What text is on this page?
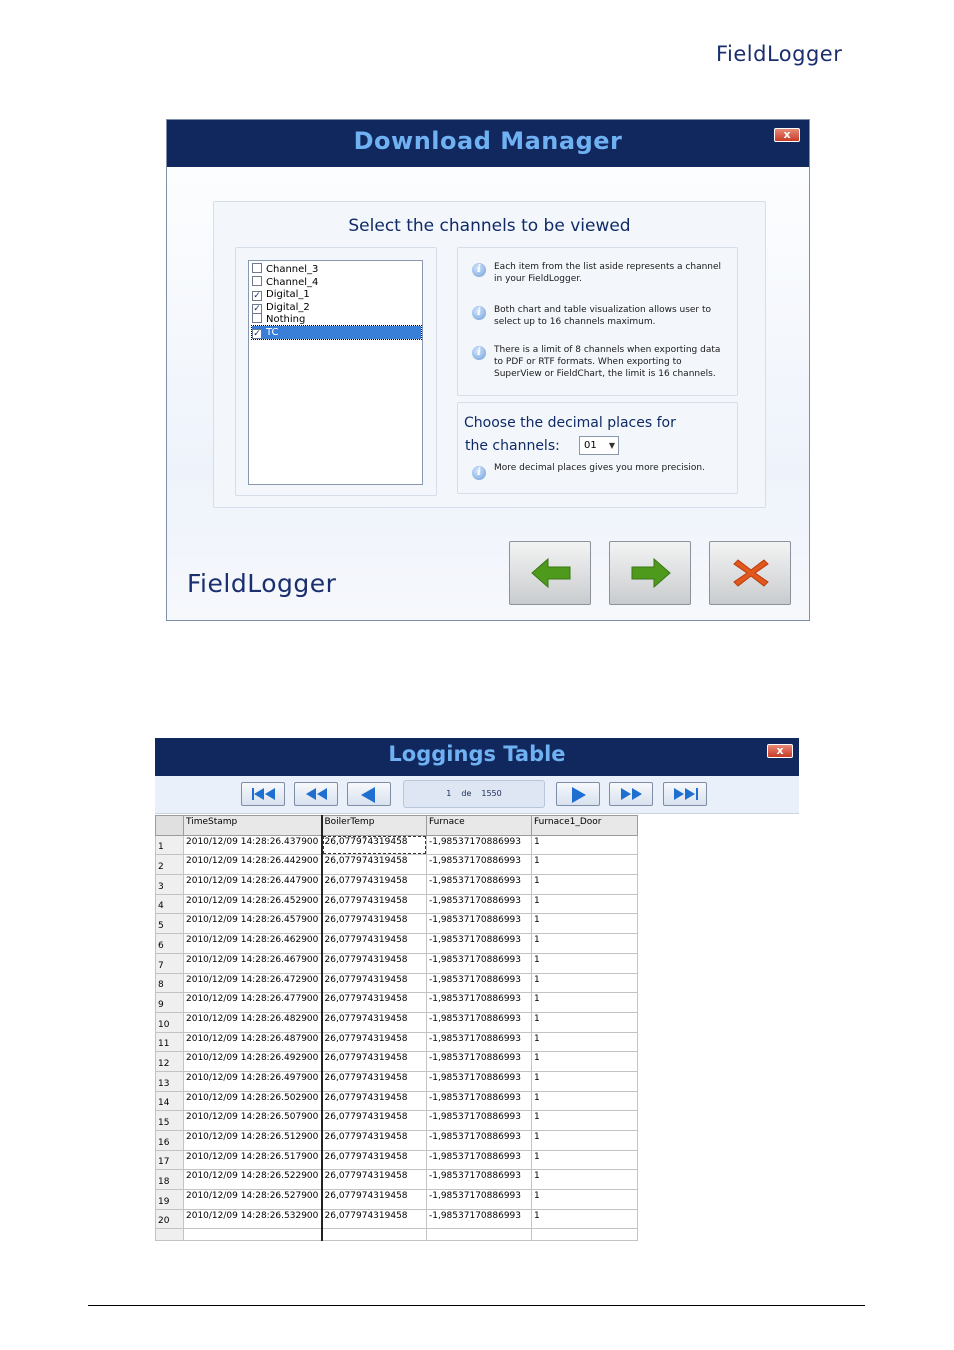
FieldLogger
Download Manager	x
Select the channels to be viewed
Channel_3
Channel_4
✓ Digital_1
✓ Digital_2
Nothing
✓ TC
i	Each item from the list aside represents a channel in your FieldLogger.
i	Both chart and table visualization allows user to select up to 16 channels maximum.
i	There is a limit of 8 channels when exporting data to PDF or RTF formats. When exporting to SuperView or FieldChart, the limit is 16 channels.
Choose the decimal places for
the channels:	01 ▼
i	More decimal places gives you more precision.
FieldLogger
Loggings Table	x
1 de 1550
	TimeStamp	BoilerTemp	Furnace	Furnace1_Door
1	2010/12/09 14:28:26.437900	26,077974319458	-1,98537170886993	1
2	2010/12/09 14:28:26.442900	26,077974319458	-1,98537170886993	1
3	2010/12/09 14:28:26.447900	26,077974319458	-1,98537170886993	1
4	2010/12/09 14:28:26.452900	26,077974319458	-1,98537170886993	1
5	2010/12/09 14:28:26.457900	26,077974319458	-1,98537170886993	1
6	2010/12/09 14:28:26.462900	26,077974319458	-1,98537170886993	1
7	2010/12/09 14:28:26.467900	26,077974319458	-1,98537170886993	1
8	2010/12/09 14:28:26.472900	26,077974319458	-1,98537170886993	1
9	2010/12/09 14:28:26.477900	26,077974319458	-1,98537170886993	1
10	2010/12/09 14:28:26.482900	26,077974319458	-1,98537170886993	1
11	2010/12/09 14:28:26.487900	26,077974319458	-1,98537170886993	1
12	2010/12/09 14:28:26.492900	26,077974319458	-1,98537170886993	1
13	2010/12/09 14:28:26.497900	26,077974319458	-1,98537170886993	1
14	2010/12/09 14:28:26.502900	26,077974319458	-1,98537170886993	1
15	2010/12/09 14:28:26.507900	26,077974319458	-1,98537170886993	1
16	2010/12/09 14:28:26.512900	26,077974319458	-1,98537170886993	1
17	2010/12/09 14:28:26.517900	26,077974319458	-1,98537170886993	1
18	2010/12/09 14:28:26.522900	26,077974319458	-1,98537170886993	1
19	2010/12/09 14:28:26.527900	26,077974319458	-1,98537170886993	1
20	2010/12/09 14:28:26.532900	26,077974319458	-1,98537170886993	1
